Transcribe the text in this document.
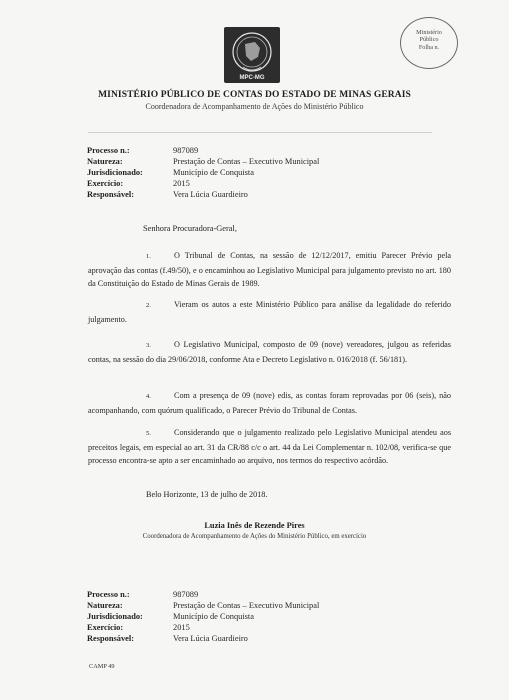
MPC-MG
Ministério
Público
Folha n.
MINISTÉRIO PÚBLICO DE CONTAS DO ESTADO DE MINAS GERAIS
Coordenadora de Acompanhamento de Ações do Ministério Público
Processo n.:	987089
Natureza:	Prestação de Contas – Executivo Municipal
Jurisdicionado:	Município de Conquista
Exercício:	2015
Responsável:	Vera Lúcia Guardieiro
Senhora Procuradora-Geral,
1.	O Tribunal de Contas, na sessão de 12/12/2017, emitiu Parecer Prévio pela aprovação das contas (f.49/50), e o encaminhou ao Legislativo Municipal para julgamento previsto no art. 180 da Constituição do Estado de Minas Gerais de 1989.
2.	Vieram os autos a este Ministério Público para análise da legalidade do referido julgamento.
3.	O Legislativo Municipal, composto de 09 (nove) vereadores, julgou as referidas contas, na sessão do dia 29/06/2018, conforme Ata e Decreto Legislativo n. 016/2018 (f. 56/181).
4.	Com a presença de 09 (nove) edis, as contas foram reprovadas por 06 (seis), não acompanhando, com quórum qualificado, o Parecer Prévio do Tribunal de Contas.
5.	Considerando que o julgamento realizado pelo Legislativo Municipal atendeu aos preceitos legais, em especial ao art. 31 da CR/88 c/c o art. 44 da Lei Complementar n. 102/08, verifica-se que processo encontra-se apto a ser encaminhado ao arquivo, nos termos do respectivo acórdão.
Belo Horizonte, 13 de julho de 2018.
Luzia Inês de Rezende Pires
Coordenadora de Acompanhamento de Ações do Ministério Público, em exercício
Processo n.:	987089
Natureza:	Prestação de Contas – Executivo Municipal
Jurisdicionado:	Município de Conquista
Exercício:	2015
Responsável:	Vera Lúcia Guardieiro
CAMP 49
